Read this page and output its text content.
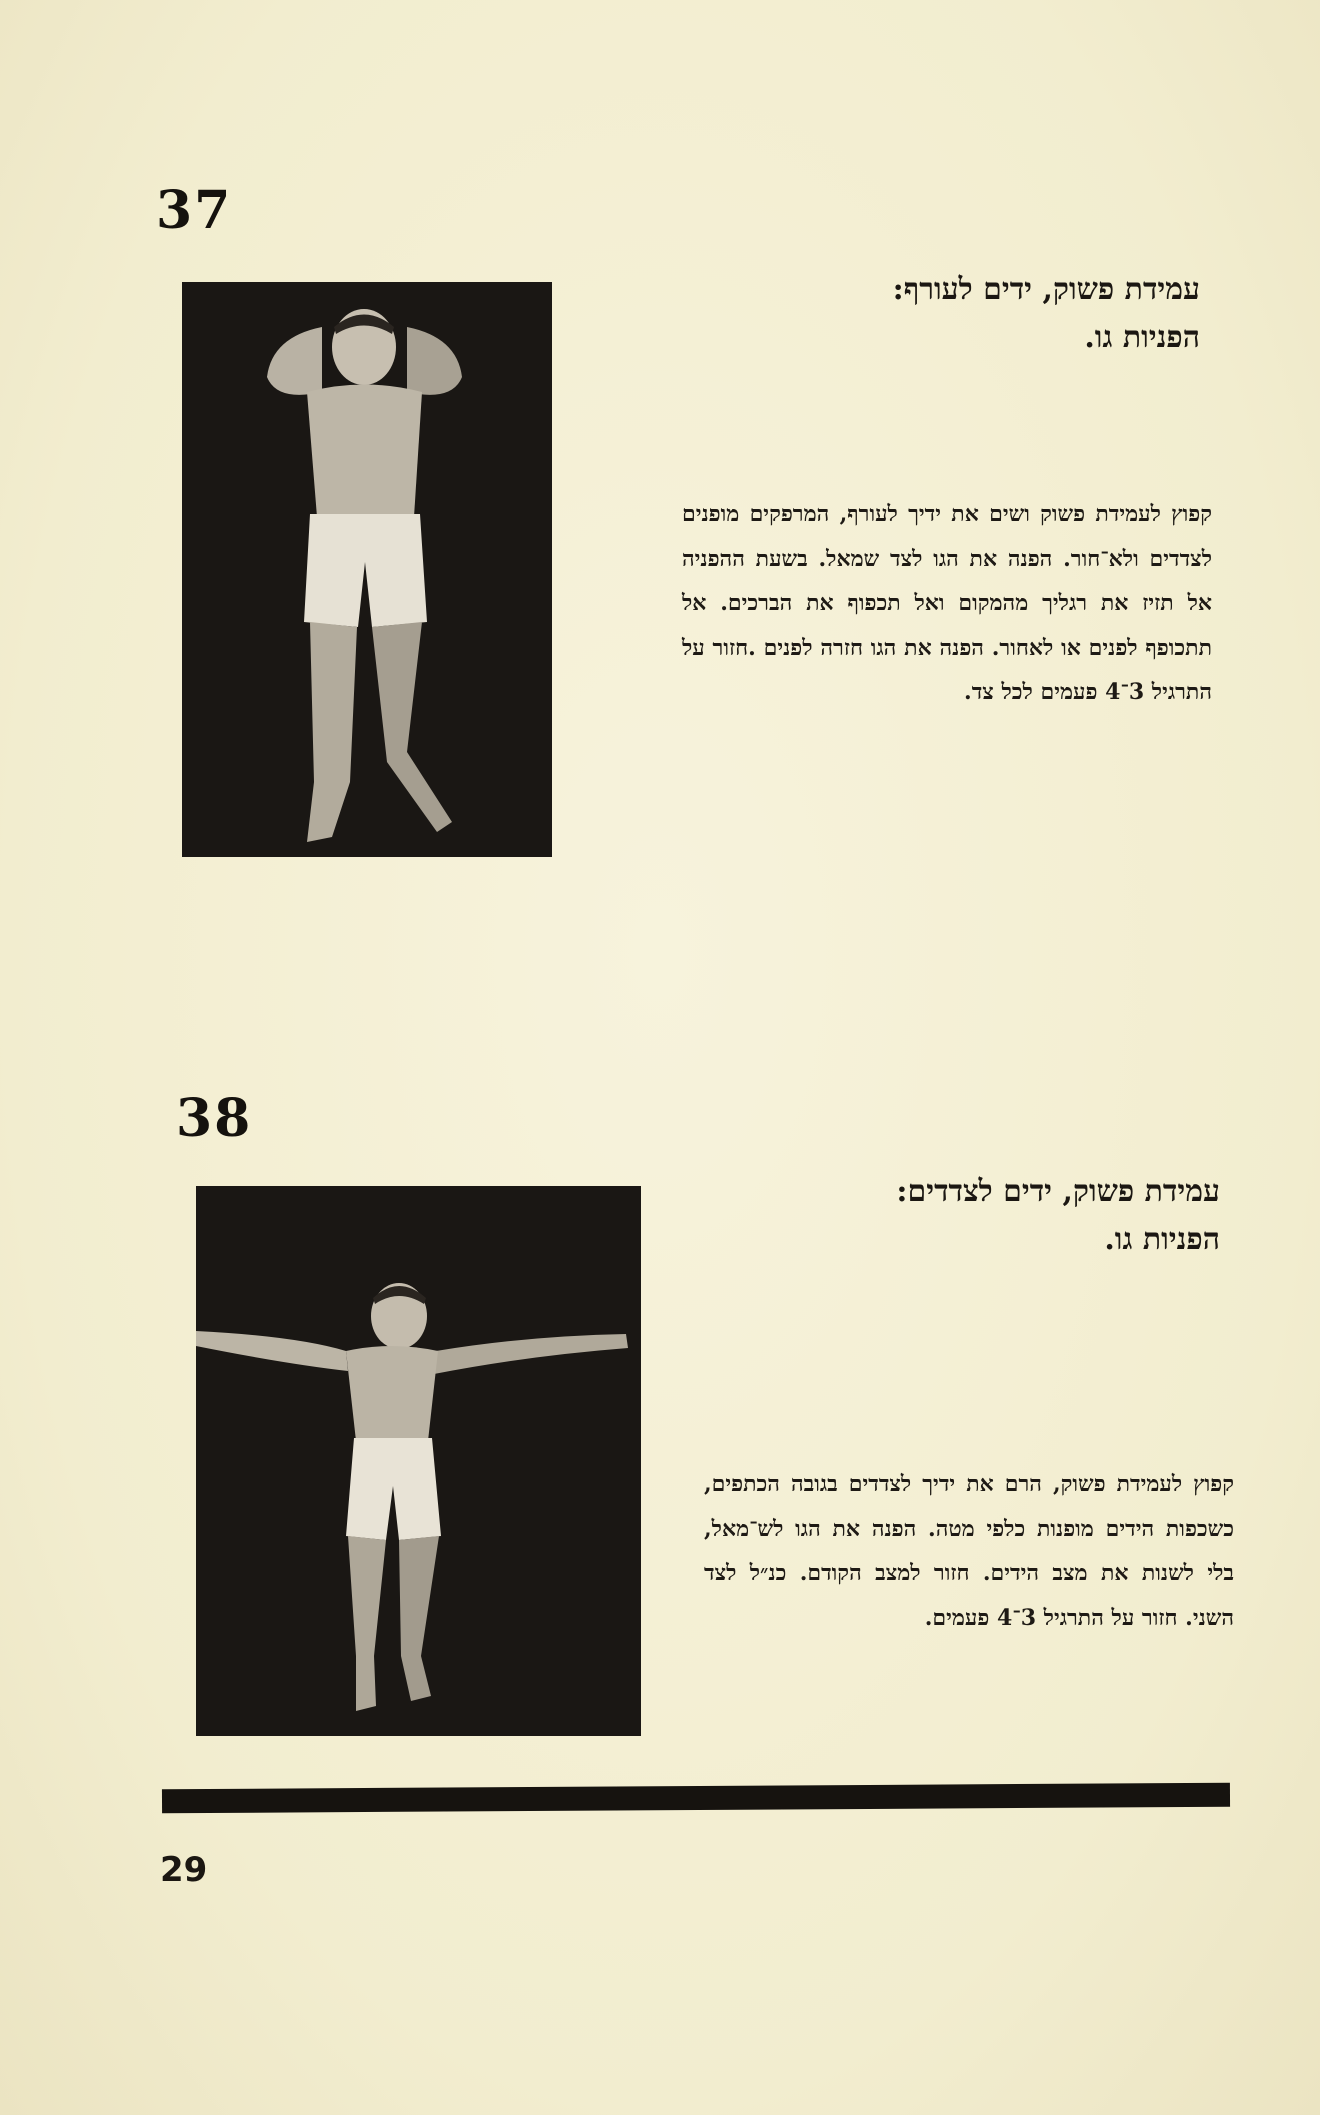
37
עמידת פשוק, ידים לעורף:
הפניות גו.
קפוץ לעמידת פשוק ושים את ידיך לעורף, המרפקים מופנים לצדדים ולא־חור. הפנה את הגו לצד שמאל. בשעת ההפניה אל תזיז את רגליך מהמקום ואל תכפוף את הברכים. אל תתכופף לפנים או לאחור. הפנה את הגו חזרה לפנים .חזור על התרגיל 3־4 פעמים לכל צד.
38
עמידת פשוק, ידים לצדדים:
הפניות גו.
קפוץ לעמידת פשוק, הרם את ידיך לצדדים בגובה הכתפים, כשכפות הידים מופנות כלפי מטה. הפנה את הגו לש־מאל, בלי לשנות את מצב הידים. חזור למצב הקודם. כנ״ל לצד השני. חזור על התרגיל 3־4 פעמים.
29
